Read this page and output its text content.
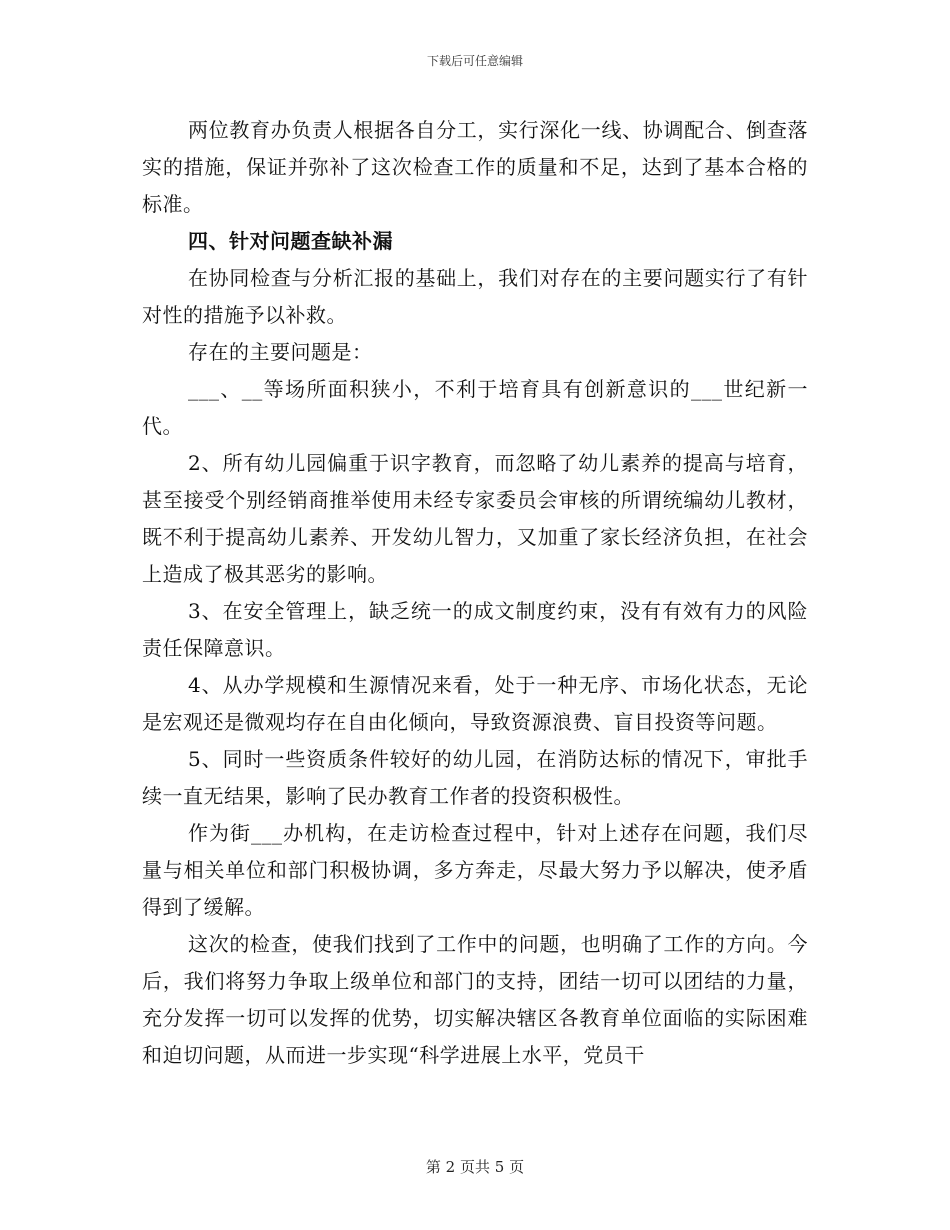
下载后可任意编辑

两位教育办负责人根据各自分工，实行深化一线、协调配合、倒查落实的措施，保证并弥补了这次检查工作的质量和不足，达到了基本合格的标准。

四、针对问题查缺补漏

在协同检查与分析汇报的基础上，我们对存在的主要问题实行了有针对性的措施予以补救。

存在的主要问题是：

___、__等场所面积狭小，不利于培育具有创新意识的___世纪新一代。

2、所有幼儿园偏重于识字教育，而忽略了幼儿素养的提高与培育，甚至接受个别经销商推举使用未经专家委员会审核的所谓统编幼儿教材，既不利于提高幼儿素养、开发幼儿智力，又加重了家长经济负担，在社会上造成了极其恶劣的影响。

3、在安全管理上，缺乏统一的成文制度约束，没有有效有力的风险责任保障意识。

4、从办学规模和生源情况来看，处于一种无序、市场化状态，无论是宏观还是微观均存在自由化倾向，导致资源浪费、盲目投资等问题。

5、同时一些资质条件较好的幼儿园，在消防达标的情况下，审批手续一直无结果，影响了民办教育工作者的投资积极性。

作为街___办机构，在走访检查过程中，针对上述存在问题，我们尽量与相关单位和部门积极协调，多方奔走，尽最大努力予以解决，使矛盾得到了缓解。

这次的检查，使我们找到了工作中的问题，也明确了工作的方向。今后，我们将努力争取上级单位和部门的支持，团结一切可以团结的力量，充分发挥一切可以发挥的优势，切实解决辖区各教育单位面临的实际困难和迫切问题，从而进一步实现“科学进展上水平，党员干

第 2 页共 5 页
